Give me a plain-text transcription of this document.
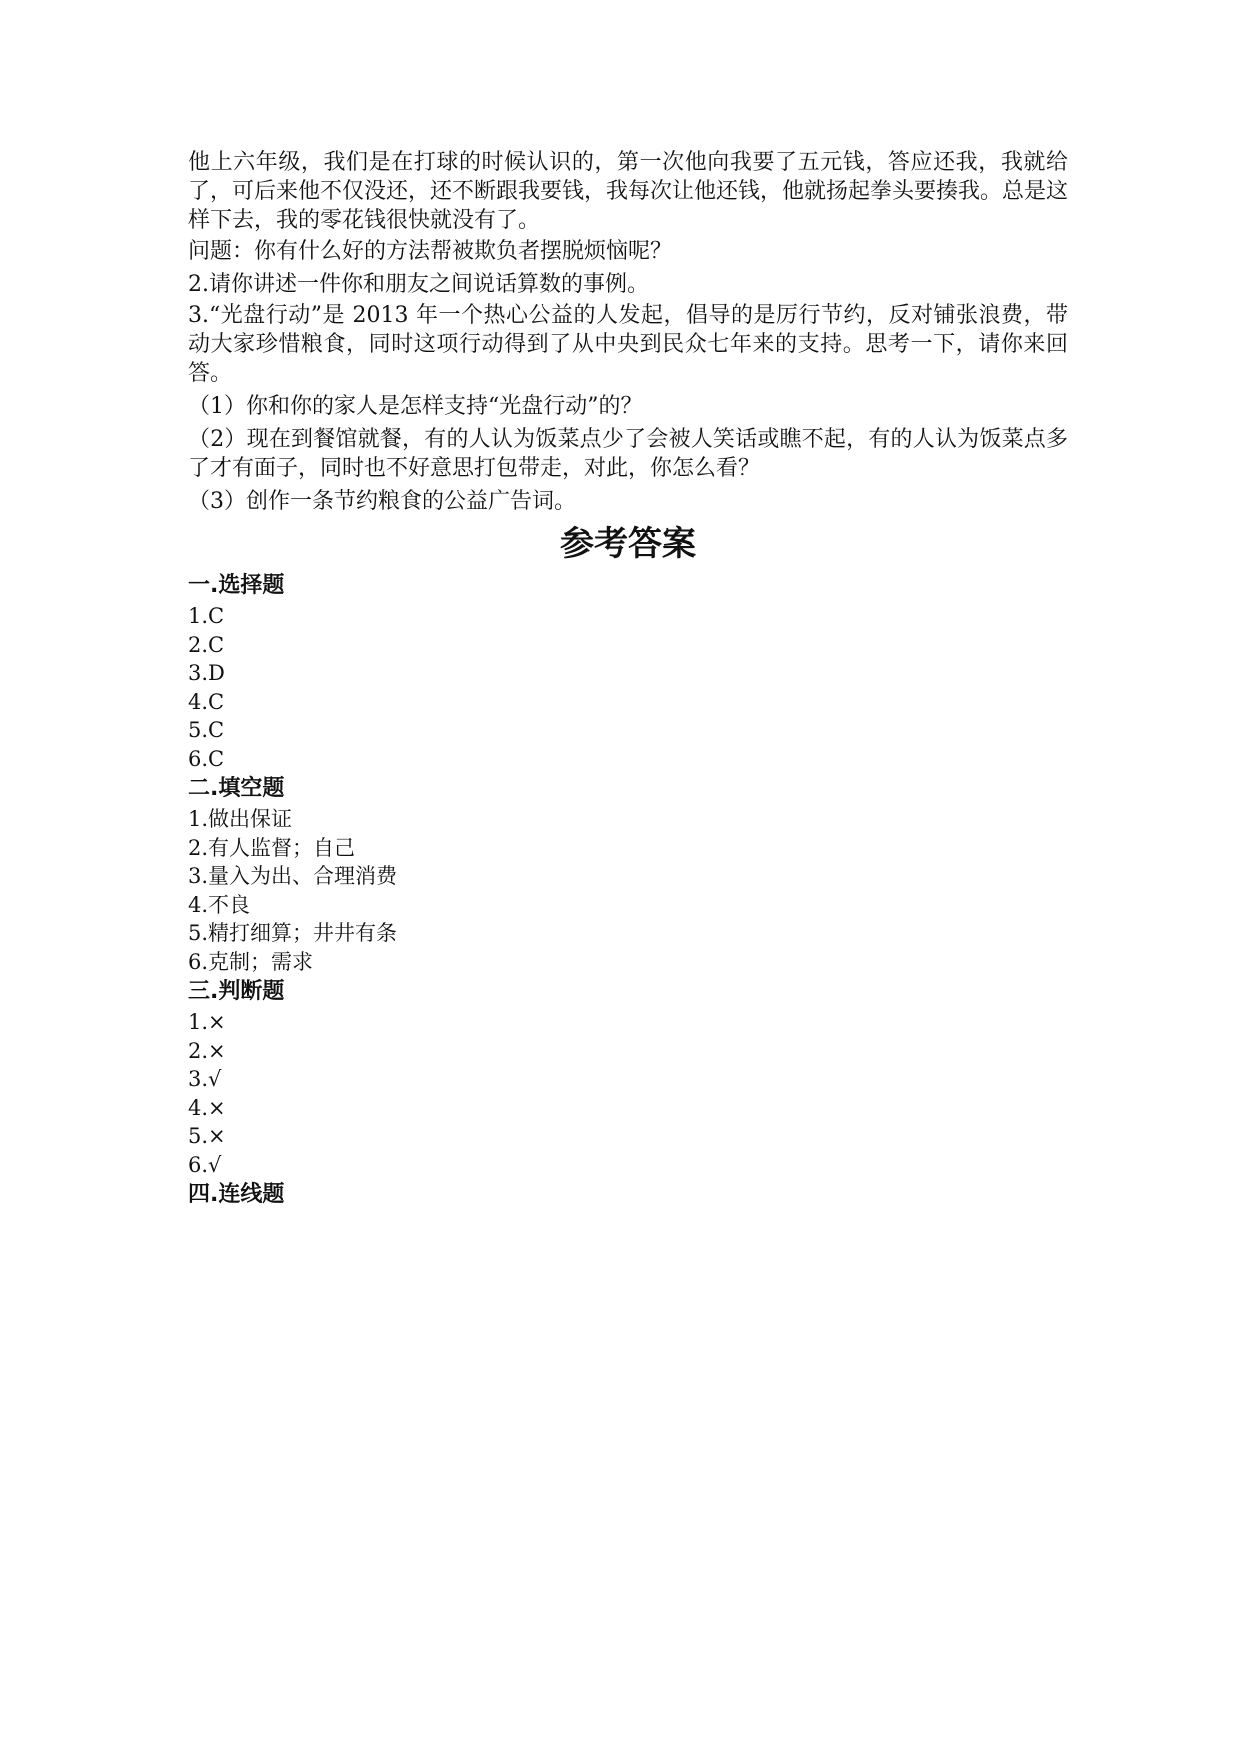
他上六年级，我们是在打球的时候认识的，第一次他向我要了五元钱，答应还我，我就给了，可后来他不仅没还，还不断跟我要钱，我每次让他还钱，他就扬起拳头要揍我。总是这样下去，我的零花钱很快就没有了。

问题：你有什么好的方法帮被欺负者摆脱烦恼呢？

2.请你讲述一件你和朋友之间说话算数的事例。

3.“光盘行动”是 2013 年一个热心公益的人发起，倡导的是厉行节约，反对铺张浪费，带动大家珍惜粮食，同时这项行动得到了从中央到民众七年来的支持。思考一下，请你来回答。

（1）你和你的家人是怎样支持“光盘行动”的？

（2）现在到餐馆就餐，有的人认为饭菜点少了会被人笑话或瞧不起，有的人认为饭菜点多了才有面子，同时也不好意思打包带走，对此，你怎么看？

（3）创作一条节约粮食的公益广告词。

参考答案
一.选择题
1.C
2.C
3.D
4.C
5.C
6.C
二.填空题
1.做出保证
2.有人监督；自己
3.量入为出、合理消费
4.不良
5.精打细算；井井有条
6.克制；需求
三.判断题
1.×
2.×
3.√
4.×
5.×
6.√
四.连线题
